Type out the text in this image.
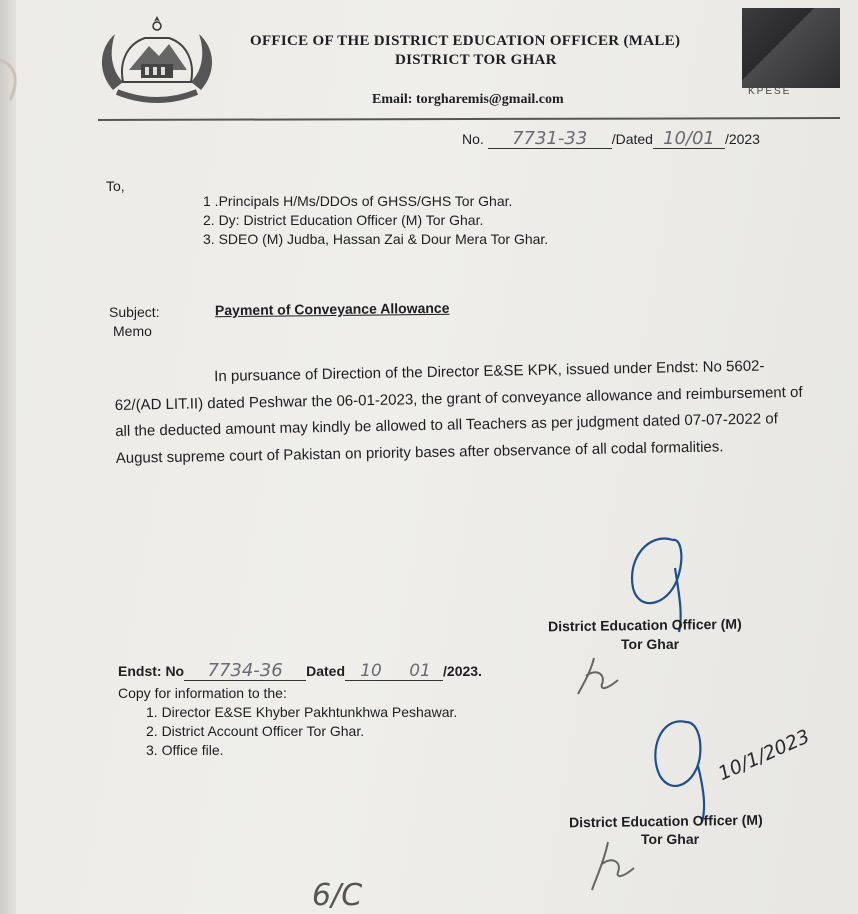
OFFICE OF THE DISTRICT EDUCATION OFFICER (MALE)
DISTRICT TOR GHAR
Email: torgharemis@gmail.com
KPESE
No. 7731-33 /Dated 10/01 /2023
To,
1 .Principals H/Ms/DDOs of GHSS/GHS Tor Ghar.
2. Dy: District Education Officer (M) Tor Ghar.
3. SDEO (M) Judba, Hassan Zai & Dour Mera Tor Ghar.
Subject:
Memo
Payment of Conveyance Allowance
In pursuance of Direction of the Director E&SE KPK, issued under Endst: No 5602-62/(AD LIT.II) dated Peshwar the 06-01-2023, the grant of conveyance allowance and reimbursement of all the deducted amount may kindly be allowed to all Teachers as per judgment dated 07-07-2022 of August supreme court of Pakistan on priority bases after observance of all codal formalities.
District Education Officer (M)
Tor Ghar
Endst: No 7734-36 Dated 10 01 /2023.
Copy for information to the:
1. Director E&SE Khyber Pakhtunkhwa Peshawar.
2. District Account Officer Tor Ghar.
3. Office file.	10/1/2023
District Education Officer (M)
Tor Ghar
6/C
